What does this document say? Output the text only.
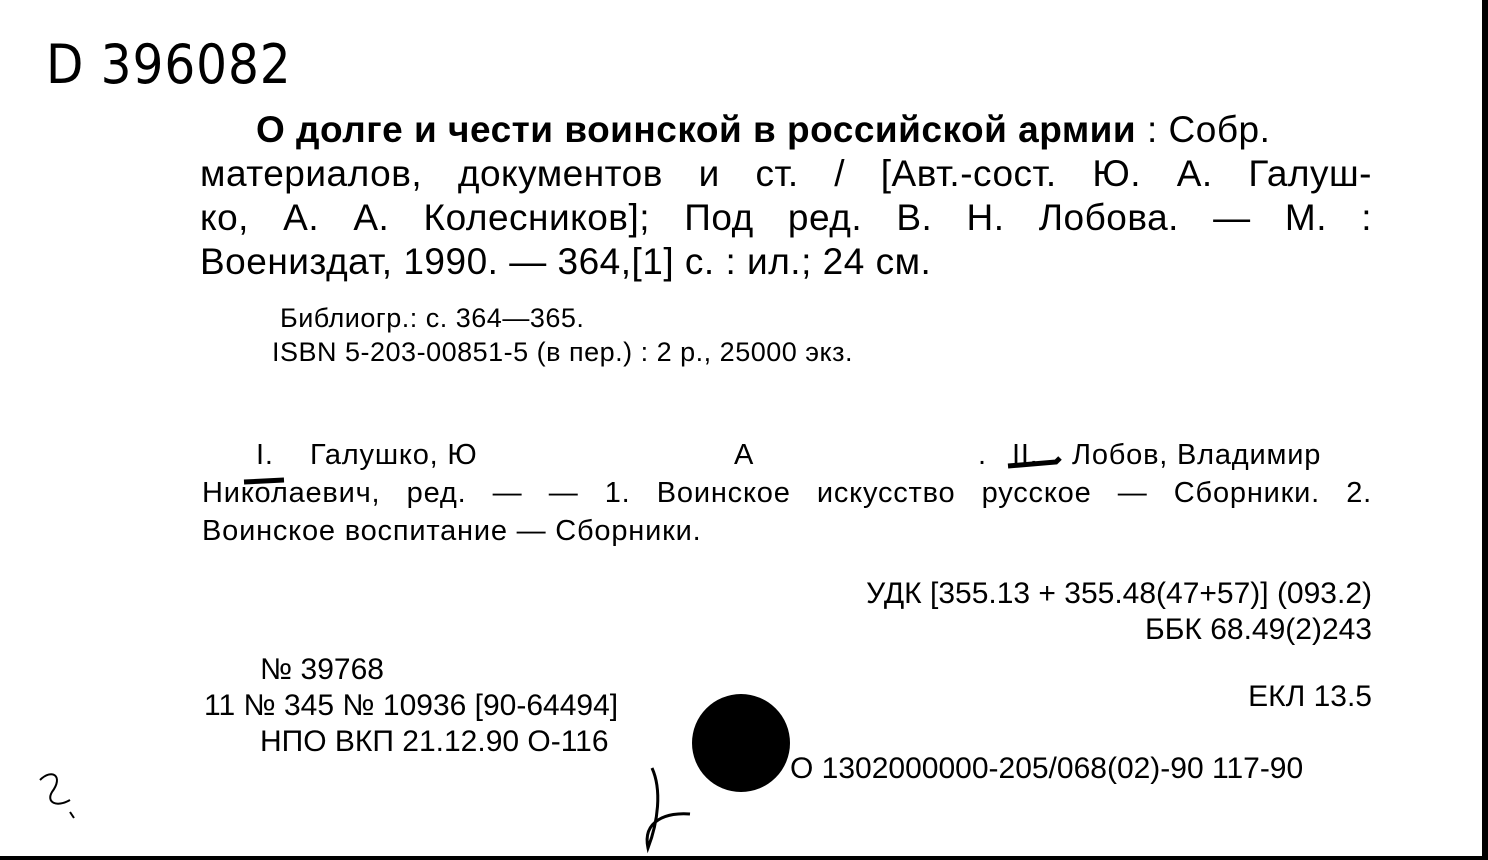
D 396082
О долге и чести воинской в российской армии : Собр.
материалов, документов и ст. / [Авт.-сост. Ю. А. Галуш-
ко, А. А. Колесников]; Под ред. В. Н. Лобова. — М. :
Воениздат, 1990. — 364,[1] с. : ил.; 24 см.
Библиогр.: с. 364—365.
ISBN 5-203-00851-5 (в пер.) : 2 р., 25000 экз.
I. Галушко, Ю	А	. II. Лобов, Владимир
Николаевич, ред. — — 1. Воинское искусство русское — Сборники. 2.
Воинское воспитание — Сборники.
УДК [355.13 + 355.48(47+57)] (093.2)
ББК 68.49(2)243
ЕКЛ 13.5
№ 39768
11 № 345 № 10936 [90-64494]
НПО ВКП 21.12.90 О-116
О 1302000000-205/068(02)-90 117-90
